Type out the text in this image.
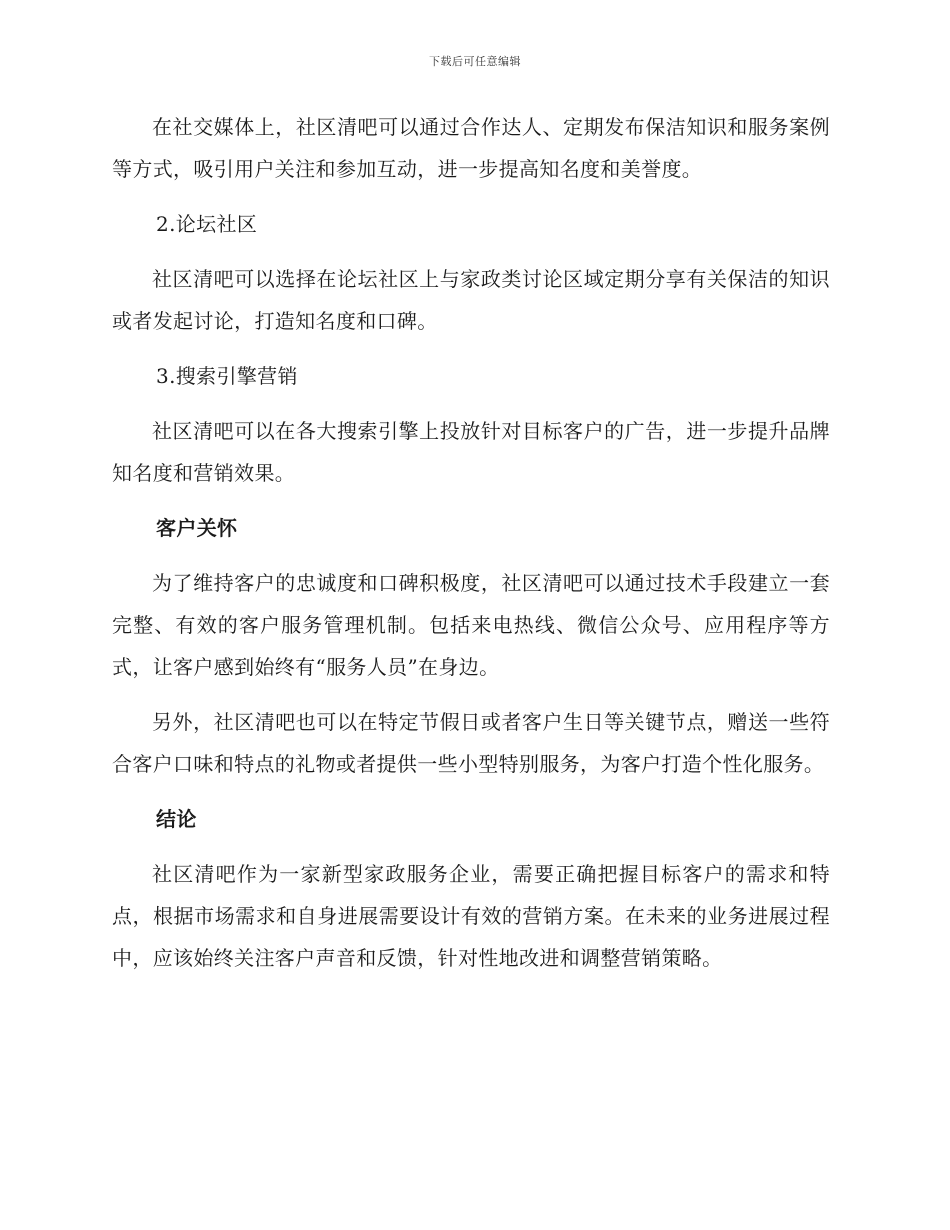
下载后可任意编辑

在社交媒体上，社区清吧可以通过合作达人、定期发布保洁知识和服务案例等方式，吸引用户关注和参加互动，进一步提高知名度和美誉度。

2.论坛社区

社区清吧可以选择在论坛社区上与家政类讨论区域定期分享有关保洁的知识或者发起讨论，打造知名度和口碑。

3.搜索引擎营销

社区清吧可以在各大搜索引擎上投放针对目标客户的广告，进一步提升品牌知名度和营销效果。

客户关怀

为了维持客户的忠诚度和口碑积极度，社区清吧可以通过技术手段建立一套完整、有效的客户服务管理机制。包括来电热线、微信公众号、应用程序等方式，让客户感到始终有“服务人员”在身边。

另外，社区清吧也可以在特定节假日或者客户生日等关键节点，赠送一些符合客户口味和特点的礼物或者提供一些小型特别服务，为客户打造个性化服务。

结论

社区清吧作为一家新型家政服务企业，需要正确把握目标客户的需求和特点，根据市场需求和自身进展需要设计有效的营销方案。在未来的业务进展过程中，应该始终关注客户声音和反馈，针对性地改进和调整营销策略。
